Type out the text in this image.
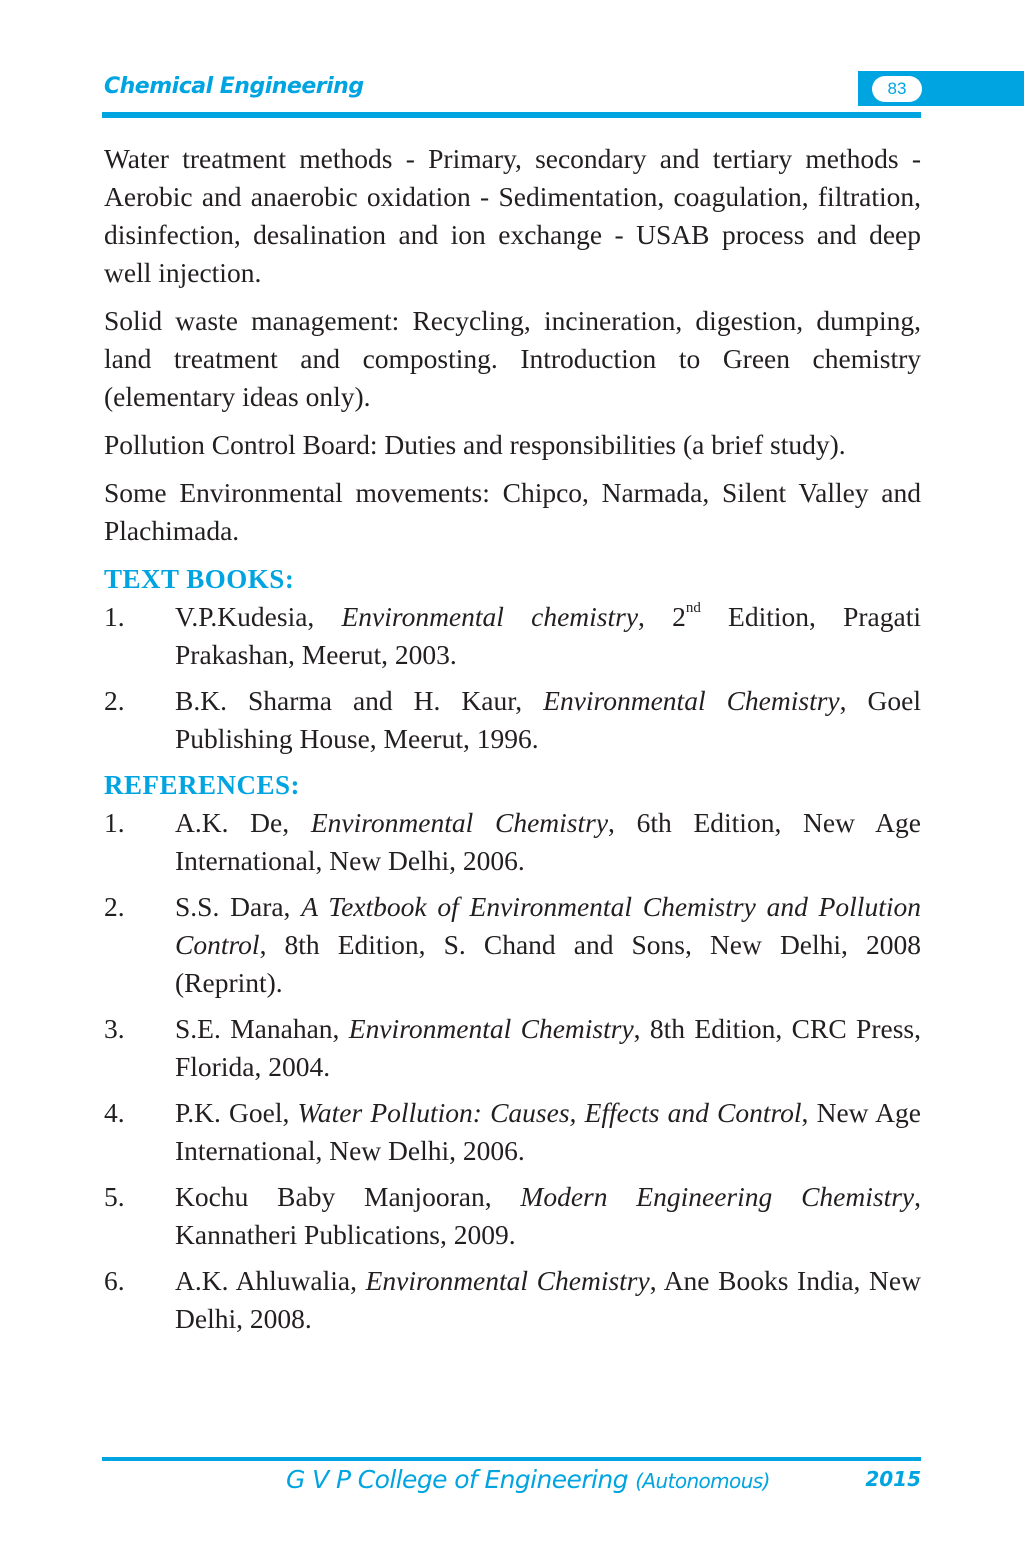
Chemical Engineering	83

Water treatment methods - Primary, secondary and tertiary methods - Aerobic and anaerobic oxidation - Sedimentation, coagulation, filtration, disinfection, desalination and ion exchange - USAB process and deep well injection.

Solid waste management: Recycling, incineration, digestion, dumping, land treatment and composting. Introduction to Green chemistry (elementary ideas only).

Pollution Control Board: Duties and responsibilities (a brief study).

Some Environmental movements: Chipco, Narmada, Silent Valley and Plachimada.

TEXT BOOKS:
1.	V.P.Kudesia, Environmental chemistry, 2nd Edition, Pragati Prakashan, Meerut, 2003.
2.	B.K. Sharma and H. Kaur, Environmental Chemistry, Goel Publishing House, Meerut, 1996.
REFERENCES:
1.	A.K. De, Environmental Chemistry, 6th Edition, New Age International, New Delhi, 2006.
2.	S.S. Dara, A Textbook of Environmental Chemistry and Pollution Control, 8th Edition, S. Chand and Sons, New Delhi, 2008 (Reprint).
3.	S.E. Manahan, Environmental Chemistry, 8th Edition, CRC Press, Florida, 2004.
4.	P.K. Goel, Water Pollution: Causes, Effects and Control, New Age International, New Delhi, 2006.
5.	Kochu Baby Manjooran, Modern Engineering Chemistry, Kannatheri Publications, 2009.
6.	A.K. Ahluwalia, Environmental Chemistry, Ane Books India, New Delhi, 2008.
G V P College of Engineering (Autonomous)	2015
